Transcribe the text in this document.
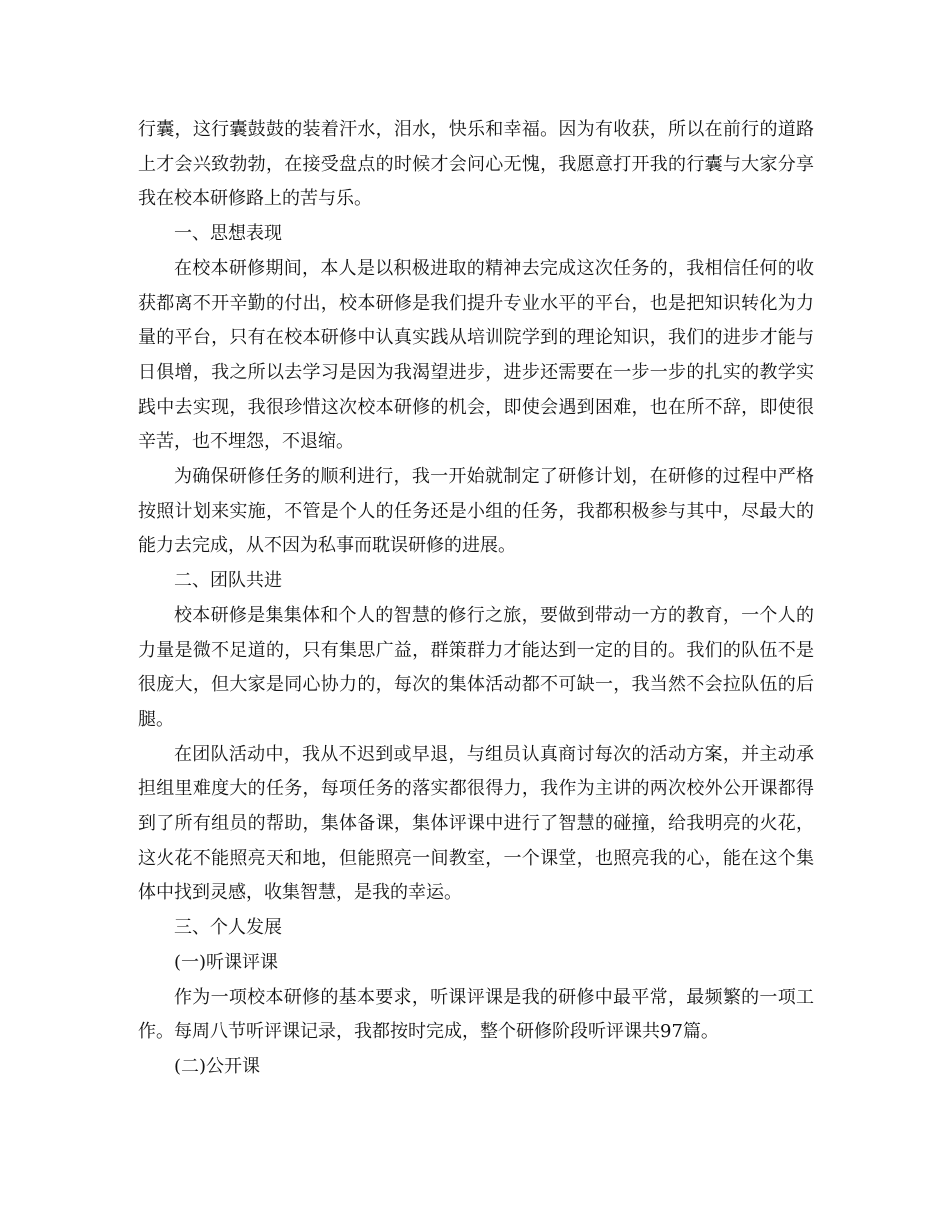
行囊，这行囊鼓鼓的装着汗水，泪水，快乐和幸福。因为有收获，所以在前行的道路上才会兴致勃勃，在接受盘点的时候才会问心无愧，我愿意打开我的行囊与大家分享我在校本研修路上的苦与乐。

一、思想表现

在校本研修期间，本人是以积极进取的精神去完成这次任务的，我相信任何的收获都离不开辛勤的付出，校本研修是我们提升专业水平的平台，也是把知识转化为力量的平台，只有在校本研修中认真实践从培训院学到的理论知识，我们的进步才能与日俱增，我之所以去学习是因为我渴望进步，进步还需要在一步一步的扎实的教学实践中去实现，我很珍惜这次校本研修的机会，即使会遇到困难，也在所不辞，即使很辛苦，也不埋怨，不退缩。

为确保研修任务的顺利进行，我一开始就制定了研修计划，在研修的过程中严格按照计划来实施，不管是个人的任务还是小组的任务，我都积极参与其中，尽最大的能力去完成，从不因为私事而耽误研修的进展。

二、团队共进

校本研修是集集体和个人的智慧的修行之旅，要做到带动一方的教育，一个人的力量是微不足道的，只有集思广益，群策群力才能达到一定的目的。我们的队伍不是很庞大，但大家是同心协力的，每次的集体活动都不可缺一，我当然不会拉队伍的后腿。

在团队活动中，我从不迟到或早退，与组员认真商讨每次的活动方案，并主动承担组里难度大的任务，每项任务的落实都很得力，我作为主讲的两次校外公开课都得到了所有组员的帮助，集体备课，集体评课中进行了智慧的碰撞，给我明亮的火花，这火花不能照亮天和地，但能照亮一间教室，一个课堂，也照亮我的心，能在这个集体中找到灵感，收集智慧，是我的幸运。

三、个人发展

(一)听课评课

作为一项校本研修的基本要求，听课评课是我的研修中最平常，最频繁的一项工作。每周八节听评课记录，我都按时完成，整个研修阶段听评课共97篇。

(二)公开课
